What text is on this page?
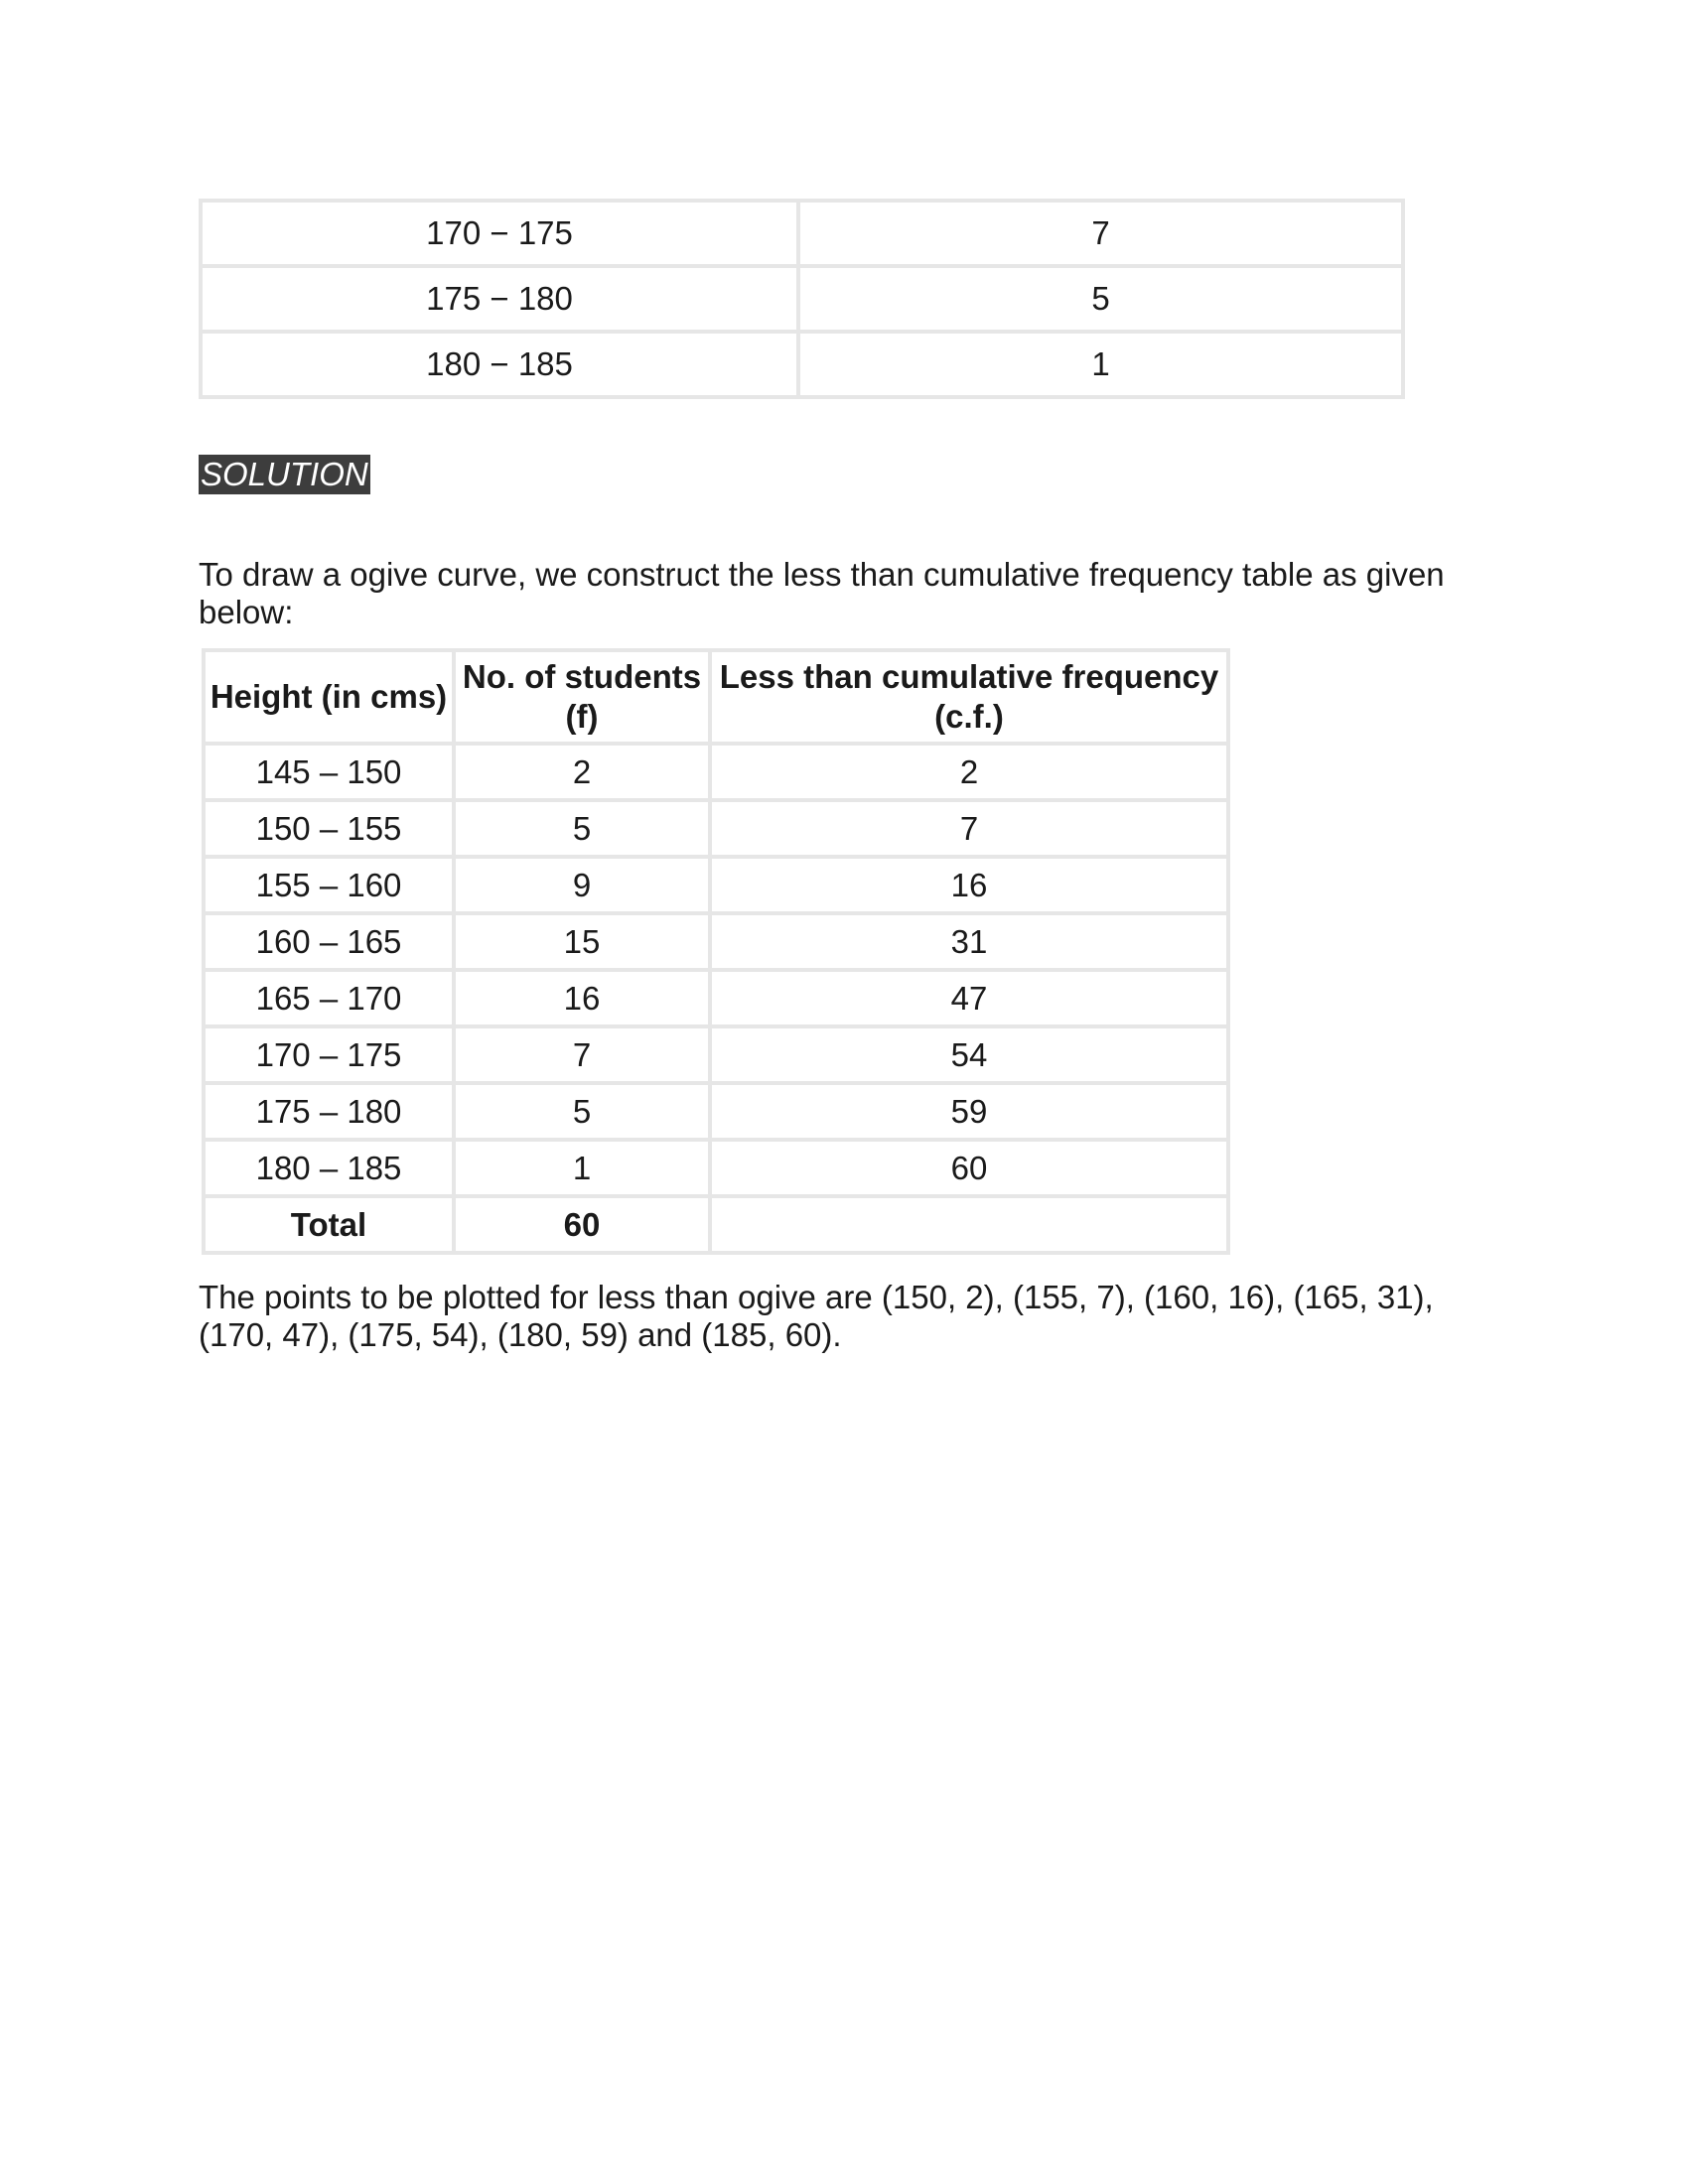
170 − 175	7
175 − 180	5
180 − 185	1
SOLUTION

To draw a ogive curve, we construct the less than cumulative frequency table as given below:

Height (in cms)	No. of students (f)	Less than cumulative frequency (c.f.)
145 – 150	2	2
150 – 155	5	7
155 – 160	9	16
160 – 165	15	31
165 – 170	16	47
170 – 175	7	54
175 – 180	5	59
180 – 185	1	60
Total	60	

The points to be plotted for less than ogive are (150, 2), (155, 7), (160, 16), (165, 31), (170, 47), (175, 54), (180, 59) and (185, 60).
